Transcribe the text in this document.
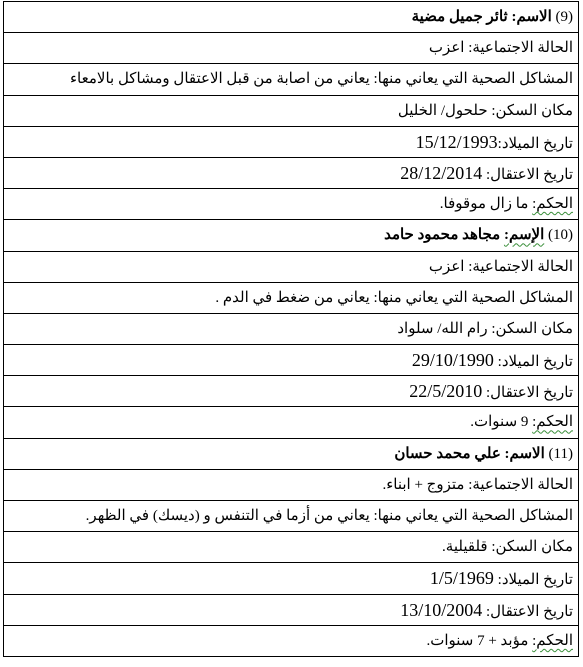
(9) الاسم: ثائر جميل مضية
الحالة الاجتماعية: اعزب
المشاكل الصحية التي يعاني منها: يعاني من اصابة من قبل الاعتقال ومشاكل بالامعاء
مكان السكن: حلحول/ الخليل
تاريخ الميلاد:15/12/1993
تاريخ الاعتقال: 28/12/2014
الحكم: ما زال موقوفا.
(10) الإسم: مجاهد محمود حامد
الحالة الاجتماعية: اعزب
المشاكل الصحية التي يعاني منها: يعاني من ضغط في الدم .
مكان السكن: رام الله/ سلواد
تاريخ الميلاد: 29/10/1990
تاريخ الاعتقال: 22/5/2010
الحكم: 9 سنوات.
(11) الاسم: علي محمد حسان
الحالة الاجتماعية: متزوج + ابناء.
المشاكل الصحية التي يعاني منها: يعاني من أزما في التنفس و (ديسك) في الظهر.
مكان السكن: قلقيلية.
تاريخ الميلاد: 1/5/1969
تاريخ الاعتقال: 13/10/2004
الحكم: مؤبد + 7 سنوات.
